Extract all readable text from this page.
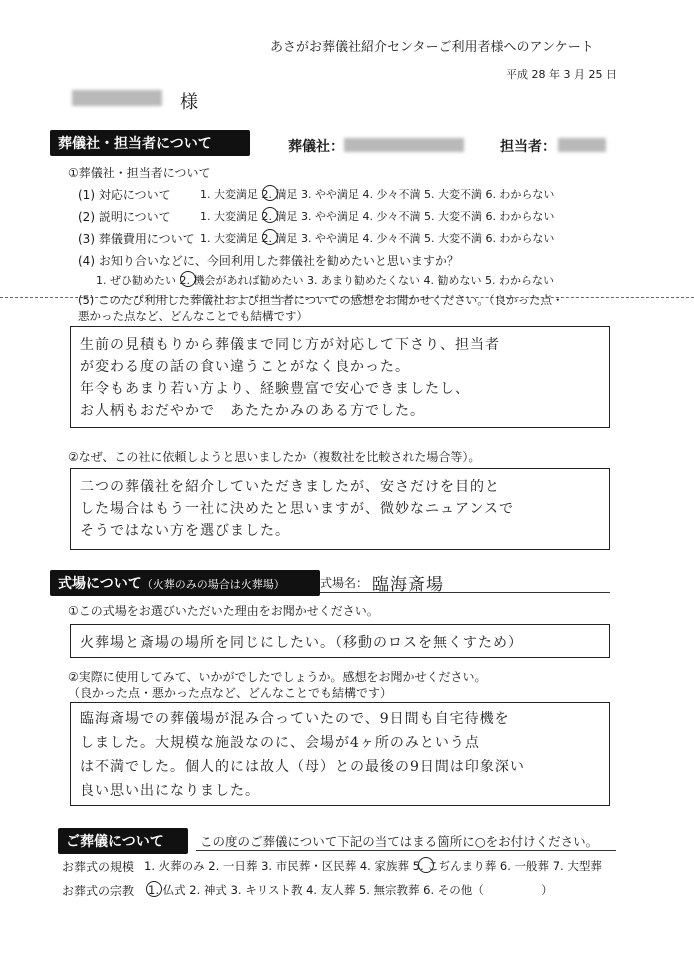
あさがお葬儀社紹介センターご利用者様へのアンケート
平成 28 年 3 月 25 日
様
葬儀社・担当者について	葬儀社：	担当者：
①葬儀社・担当者について
(1) 対応について	1. 大変満足 2. 満足 3. やや満足 4. 少々不満 5. 大変不満 6. わからない
(2) 説明について	1. 大変満足 2. 満足 3. やや満足 4. 少々不満 5. 大変不満 6. わからない
(3) 葬儀費用について 1. 大変満足 2. 満足 3. やや満足 4. 少々不満 5. 大変不満 6. わからない
(4) お知り合いなどに、今回利用した葬儀社を勧めたいと思いますか？
1. ぜひ勧めたい 2. 機会があれば勧めたい 3. あまり勧めたくない 4. 勧めない 5. わからない
(5) このたび利用した葬儀社および担当者についての感想をお聞かせください。（良かった点・
悪かった点など、どんなことでも結構です）
生前の見積もりから葬儀まで同じ方が対応して下さり、担当者
が変わる度の話の食い違うことがなく良かった。
年令もあまり若い方より、経験豊富で安心できましたし、
お人柄もおだやかで　あたたかみのある方でした。
②なぜ、この社に依頼しようと思いましたか（複数社を比較された場合等）。
二つの葬儀社を紹介していただきましたが、安さだけを目的と
した場合はもう一社に決めたと思いますが、微妙なニュアンスで
そうではない方を選びました。
式場について（火葬のみの場合は火葬場）	式場名： 臨海斎場
①この式場をお選びいただいた理由をお聞かせください。
火葬場と斎場の場所を同じにしたい。（移動のロスを無くすため）
②実際に使用してみて、いかがでしたでしょうか。感想をお聞かせください。
（良かった点・悪かった点など、どんなことでも結構です）
臨海斎場での葬儀場が混み合っていたので、9日間も自宅待機を
しました。大規模な施設なのに、会場が4ヶ所のみという点
は不満でした。個人的には故人（母）との最後の9日間は印象深い
良い思い出になりました。
ご葬儀について	この度のご葬儀について下記の当てはまる箇所に○をお付けください。
お葬式の規模 1. 火葬のみ 2. 一日葬 3. 市民葬・区民葬 4. 家族葬 5. こぢんまり葬 6. 一般葬 7. 大型葬
お葬式の宗教 1. 仏式 2. 神式 3. キリスト教 4. 友人葬 5. 無宗教葬 6. その他（　　　　　）
